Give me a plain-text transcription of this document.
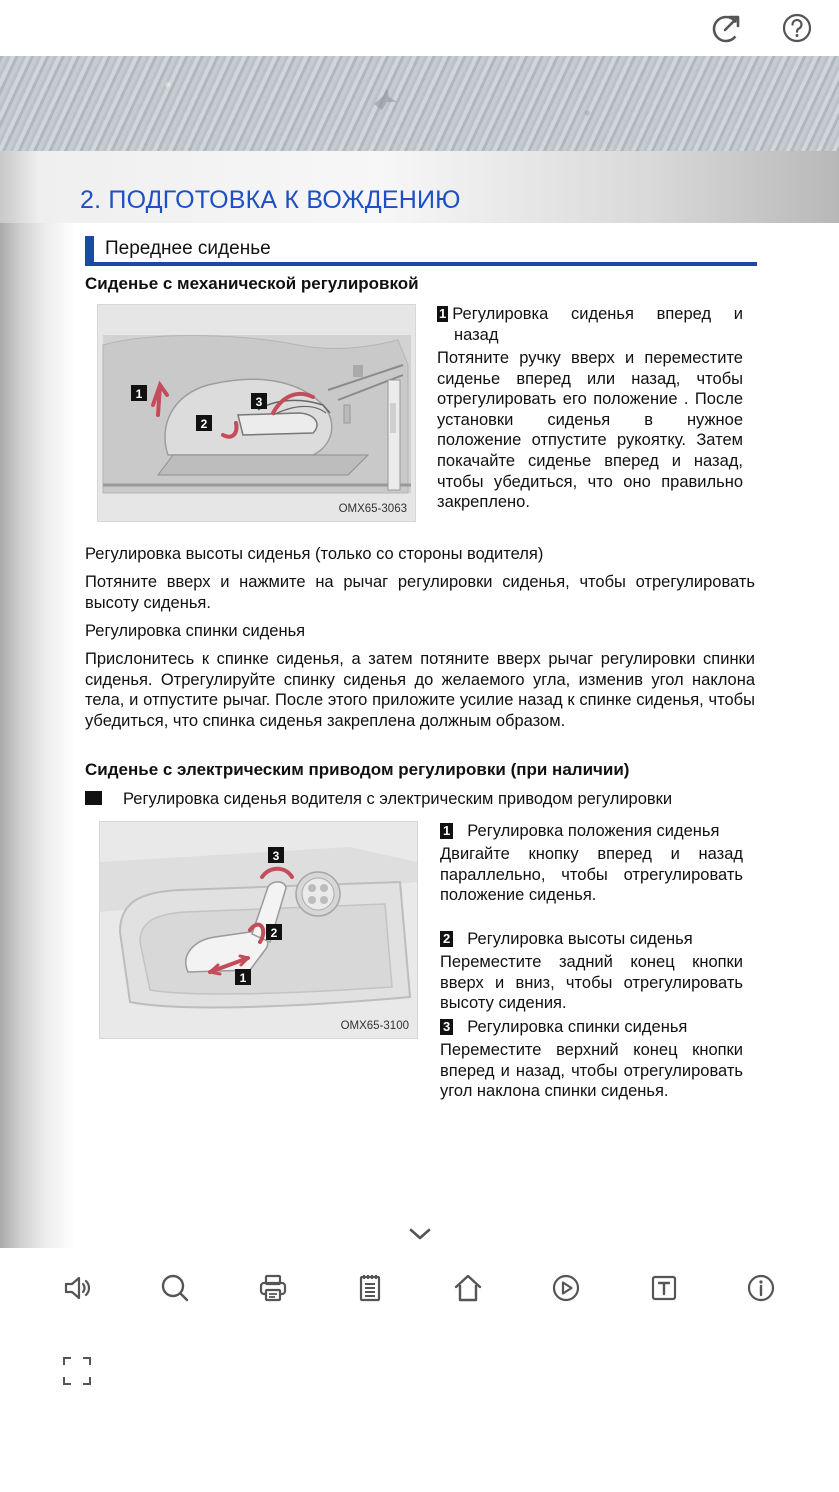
2. ПОДГОТОВКА К ВОЖДЕНИЮ
Переднее сиденье
Сиденье с механической регулировкой
1
2
3
OMX65-3063
1 Регулировка сиденья вперед и
назад
Потяните ручку вверх и переместите сиденье вперед или назад, чтобы отрегулировать его положение . После установки сиденья в нужное положение отпустите рукоятку. Затем покачайте сиденье вперед и назад, чтобы убедиться, что оно правильно закреплено.
Регулировка высоты сиденья (только со стороны водителя)
Потяните вверх и нажмите на рычаг регулировки сиденья, чтобы отрегулировать высоту сиденья.
Регулировка спинки сиденья
Прислонитесь к спинке сиденья, а затем потяните вверх рычаг регулировки спинки сиденья. Отрегулируйте спинку сиденья до желаемого угла, изменив угол наклона тела, и отпустите рычаг. После этого приложите усилие назад к спинке сиденья, чтобы убедиться, что спинка сиденья закреплена должным образом.
Сиденье с электрическим приводом регулировки (при наличии)
Регулировка сиденья водителя с электрическим приводом регулировки
3
2
1
OMX65-3100
1 Регулировка положения сиденья
Двигайте кнопку вперед и назад параллельно, чтобы отрегулировать положение сиденья.
2 Регулировка высоты сиденья
Переместите задний конец кнопки вверх и вниз, чтобы отрегулировать высоту сидения.
3 Регулировка спинки сиденья
Переместите верхний конец кнопки вперед и назад, чтобы отрегулировать угол наклона спинки сиденья.
